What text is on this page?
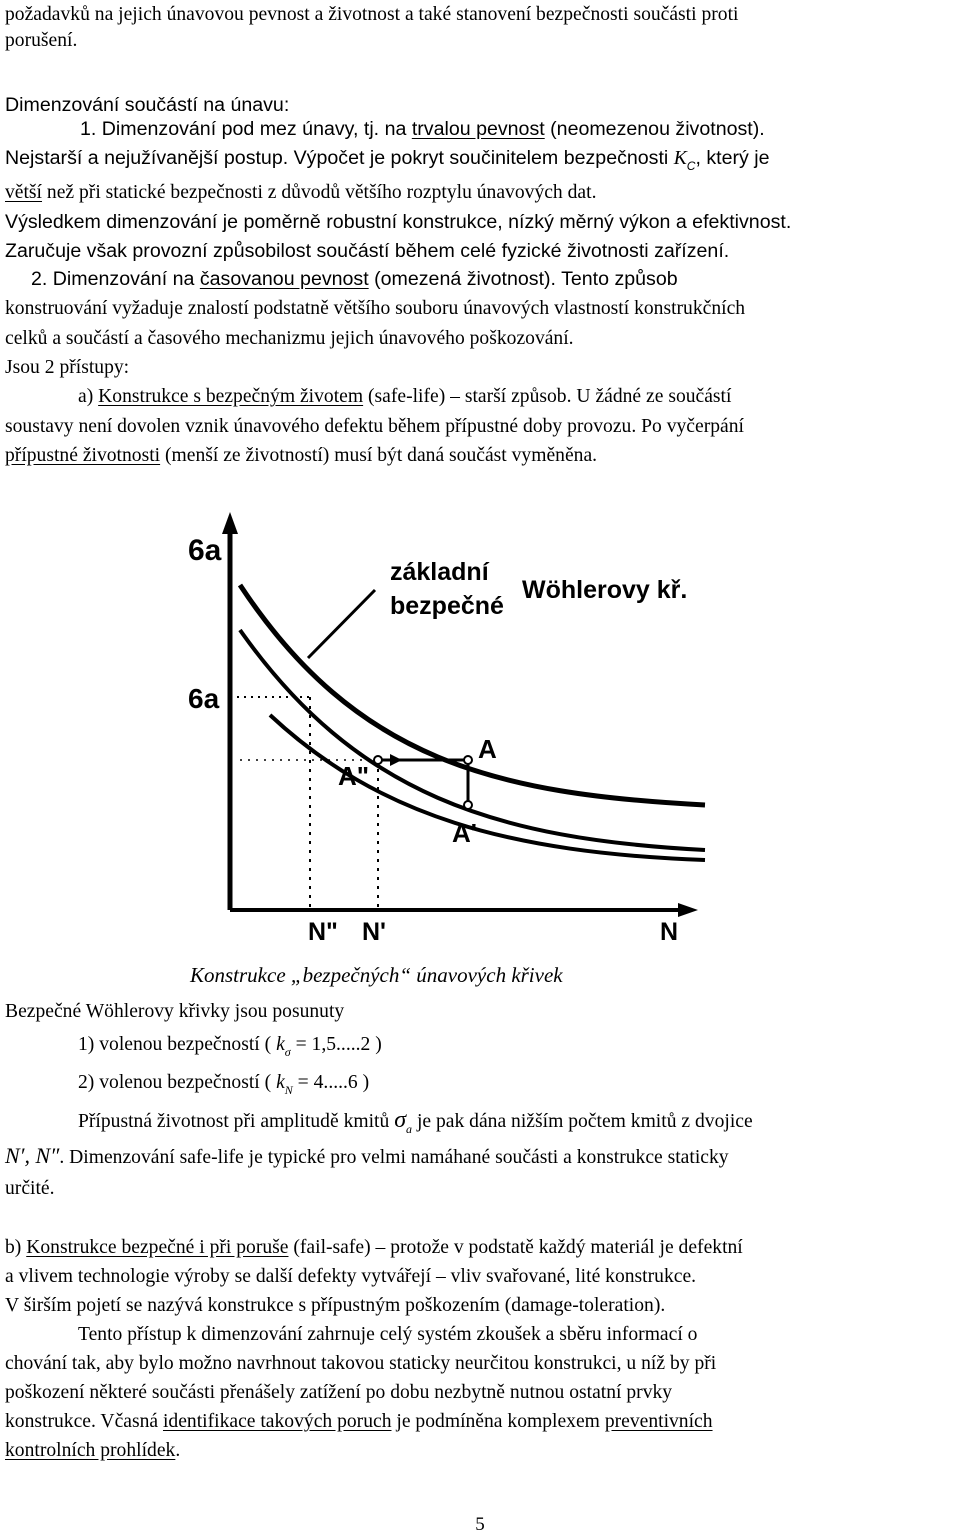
požadavků na jejich únavovou pevnost a životnost a také stanovení bezpečnosti součásti proti
porušení.
Dimenzování součástí na únavu:
1. Dimenzování pod mez únavy, tj. na trvalou pevnost (neomezenou životnost).
Nejstarší a nejužívanější postup. Výpočet je pokryt součinitelem bezpečnosti $K_C$, který je
větší než při statické bezpečnosti z důvodů většího rozptylu únavových dat.
Výsledkem dimenzování je poměrně robustní konstrukce, nízký měrný výkon a efektivnost.
Zaručuje však provozní způsobilost součástí během celé fyzické životnosti zařízení.
2. Dimenzování na časovanou pevnost (omezená životnost). Tento způsob
konstruování vyžaduje znalostí podstatně většího souboru únavových vlastností konstrukčních
celků a součástí a časového mechanizmu jejich únavového poškozování.
Jsou 2 přístupy:
a) Konstrukce s bezpečným životem (safe-life) – starší způsob. U žádné ze součástí
soustavy není dovolen vznik únavového defektu během přípustné doby provozu. Po vyčerpání
přípustné životnosti (menší ze životností) musí být daná součást vyměněna.
6a
6a
základní
bezpečné
Wöhlerovy kř.
A
A"
A'
N" N'	N
Konstrukce „bezpečných“ únavových křivek
Bezpečné Wöhlerovy křivky jsou posunuty
1) volenou bezpečností ( $k_\sigma = 1,5.....2$ )
2) volenou bezpečností ( $k_N = 4.....6$ )
Přípustná životnost při amplitudě kmitů $\sigma_a$ je pak dána nižším počtem kmitů z dvojice
N′, N″. Dimenzování safe-life je typické pro velmi namáhané součásti a konstrukce staticky
určité.
b) Konstrukce bezpečné i při poruše (fail-safe) – protože v podstatě každý materiál je defektní
a vlivem technologie výroby se další defekty vytvářejí – vliv svařované, lité konstrukce.
V širším pojetí se nazývá konstrukce s přípustným poškozením (damage-toleration).
Tento přístup k dimenzování zahrnuje celý systém zkoušek a sběru informací o
chování tak, aby bylo možno navrhnout takovou staticky neurčitou konstrukci, u níž by při
poškození některé součásti přenášely zatížení po dobu nezbytně nutnou ostatní prvky
konstrukce. Včasná identifikace takových poruch je podmíněna komplexem preventivních
kontrolních prohlídek.
5
